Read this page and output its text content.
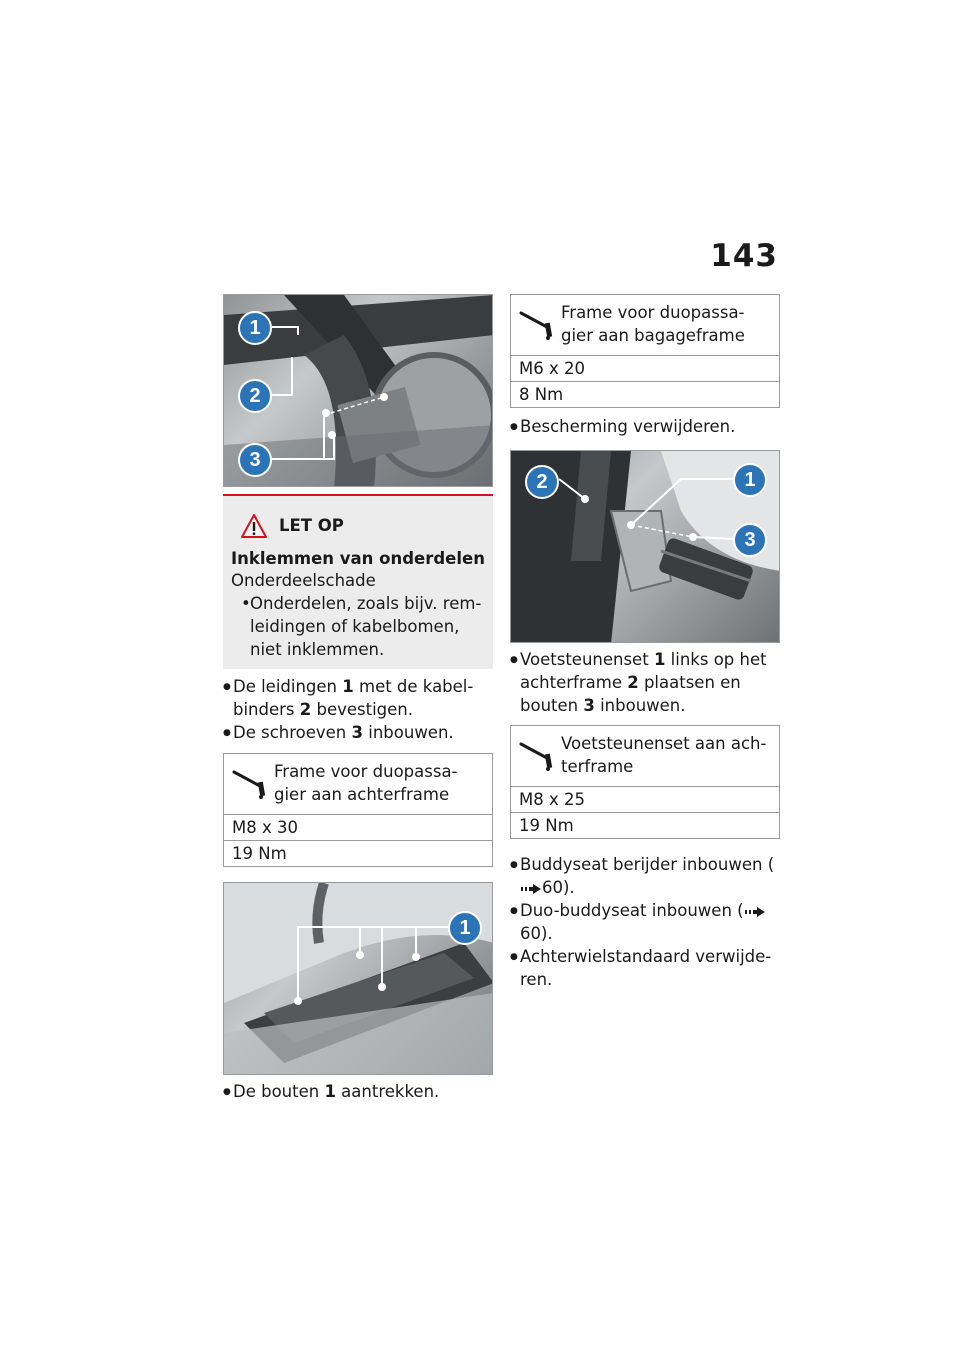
143
1
2
3
LET OP
Inklemmen van onderdelen
Onderdeelschade
• Onderdelen, zoals bijv. rem-leidingen of kabelbomen, niet inklemmen.
● De leidingen 1 met de kabel-binders 2 bevestigen.
● De schroeven 3 inbouwen.
Frame voor duopassa-gier aan achterframe
M8 x 30
19 Nm
1
● De bouten 1 aantrekken.
Frame voor duopassa-gier aan bagageframe
M6 x 20
8 Nm
● Bescherming verwijderen.
2	1
3
● Voetsteunenset 1 links op het achterframe 2 plaatsen en bouten 3 inbouwen.
Voetsteunenset aan ach-terframe
M8 x 25
19 Nm
● Buddyseat berijder inbouwen (60).
● Duo-buddyseat inbouwen (60).
● Achterwielstandaard verwijde-ren.
